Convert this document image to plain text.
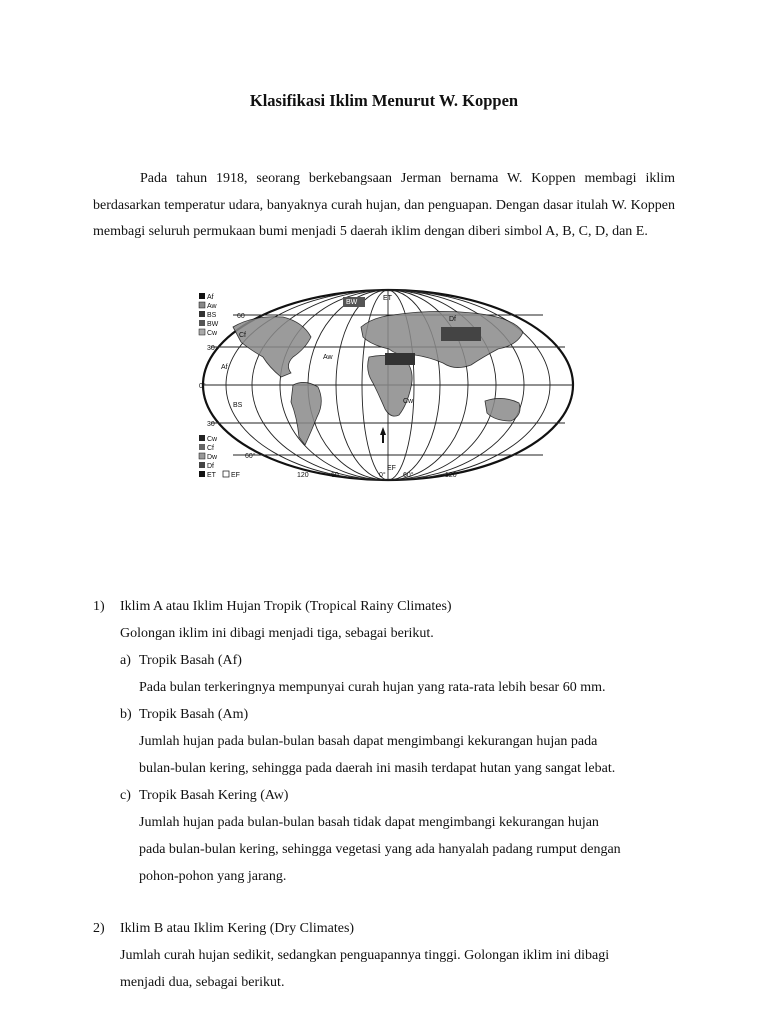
Klasifikasi Iklim Menurut W. Koppen
Pada tahun 1918, seorang berkebangsaan Jerman bernama W. Koppen membagi iklim berdasarkan temperatur udara, banyaknya curah hujan, dan penguapan. Dengan dasar itulah W. Koppen membagi seluruh permukaan bumi menjadi 5 daerah iklim dengan diberi simbol A, B, C, D, dan E.
Af
Aw
BS
BW
Cw
Cw
Cf
Dw
Df
ET EF
60
30
0°
30
60°
120	60	0° 60°	120°
BW
ET
Df
Cf
Aw
Af
BS
Cw
EF
1) Iklim A atau Iklim Hujan Tropik (Tropical Rainy Climates)
Golongan iklim ini dibagi menjadi tiga, sebagai berikut.
a) Tropik Basah (Af)
Pada bulan terkeringnya mempunyai curah hujan yang rata-rata lebih besar 60 mm.
b) Tropik Basah (Am)
Jumlah hujan pada bulan-bulan basah dapat mengimbangi kekurangan hujan pada
bulan-bulan kering, sehingga pada daerah ini masih terdapat hutan yang sangat lebat.
c) Tropik Basah Kering (Aw)
Jumlah hujan pada bulan-bulan basah tidak dapat mengimbangi kekurangan hujan
pada bulan-bulan kering, sehingga vegetasi yang ada hanyalah padang rumput dengan
pohon-pohon yang jarang.
2) Iklim B atau Iklim Kering (Dry Climates)
Jumlah curah hujan sedikit, sedangkan penguapannya tinggi. Golongan iklim ini dibagi
menjadi dua, sebagai berikut.
